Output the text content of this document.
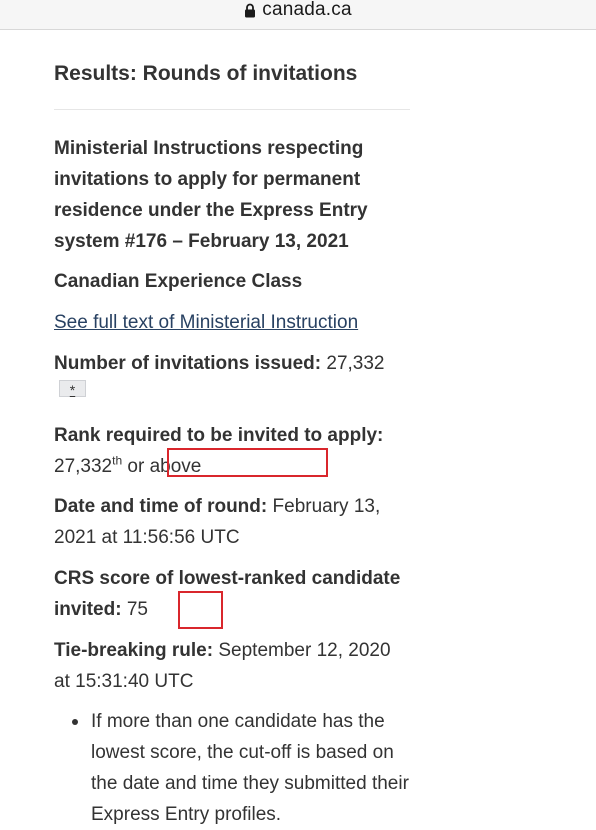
canada.ca
Results: Rounds of invitations

Ministerial Instructions respecting invitations to apply for permanent residence under the Express Entry system #176 – February 13, 2021

Canadian Experience Class

See full text of Ministerial Instruction

Number of invitations issued: 27,332

*

Rank required to be invited to apply: 27,332th or above

Date and time of round: February 13, 2021 at 11:56:56 UTC

CRS score of lowest-ranked candidate invited: 75

Tie-breaking rule: September 12, 2020 at 15:31:40 UTC

If more than one candidate has the lowest score, the cut-off is based on the date and time they submitted their Express Entry profiles.
